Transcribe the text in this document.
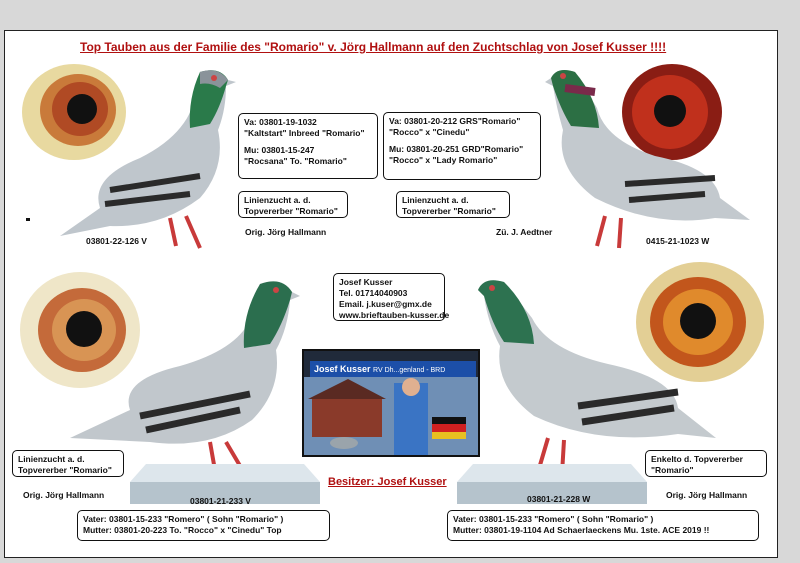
Top Tauben aus der Familie des "Romario" v. Jörg Hallmann auf den Zuchtschlag von Josef Kusser !!!!
Va: 03801-19-1032
"Kaltstart" Inbreed "Romario"
Mu: 03801-15-247
"Rocsana" To. "Romario"
Linienzucht a. d.
Topvererber "Romario"
Orig. Jörg Hallmann
03801-22-126 V
Va: 03801-20-212 GRS"Romario"
"Rocco" x "Cinedu"
Mu: 03801-20-251 GRD"Romario"
"Rocco" x "Lady Romario"
Linienzucht a. d.
Topvererber "Romario"
Zü. J. Aedtner
0415-21-1023 W
Josef Kusser
Tel. 01714040903
Email. j.kuser@gmx.de
www.brieftauben-kusser.de
Josef Kusser RV Dh...genland - BRD
Linienzucht a. d.
Topvererber "Romario"
Orig. Jörg Hallmann
03801-21-233 V
Vater: 03801-15-233 "Romero" ( Sohn "Romario" )
Mutter: 03801-20-223 To. "Rocco" x "Cinedu" Top
Besitzer: Josef Kusser
Enkelto d. Topvererber
"Romario"
Orig. Jörg Hallmann
03801-21-228 W
Vater: 03801-15-233 "Romero" ( Sohn "Romario" )
Mutter: 03801-19-1104 Ad Schaerlaeckens Mu. 1ste. ACE 2019 !!
